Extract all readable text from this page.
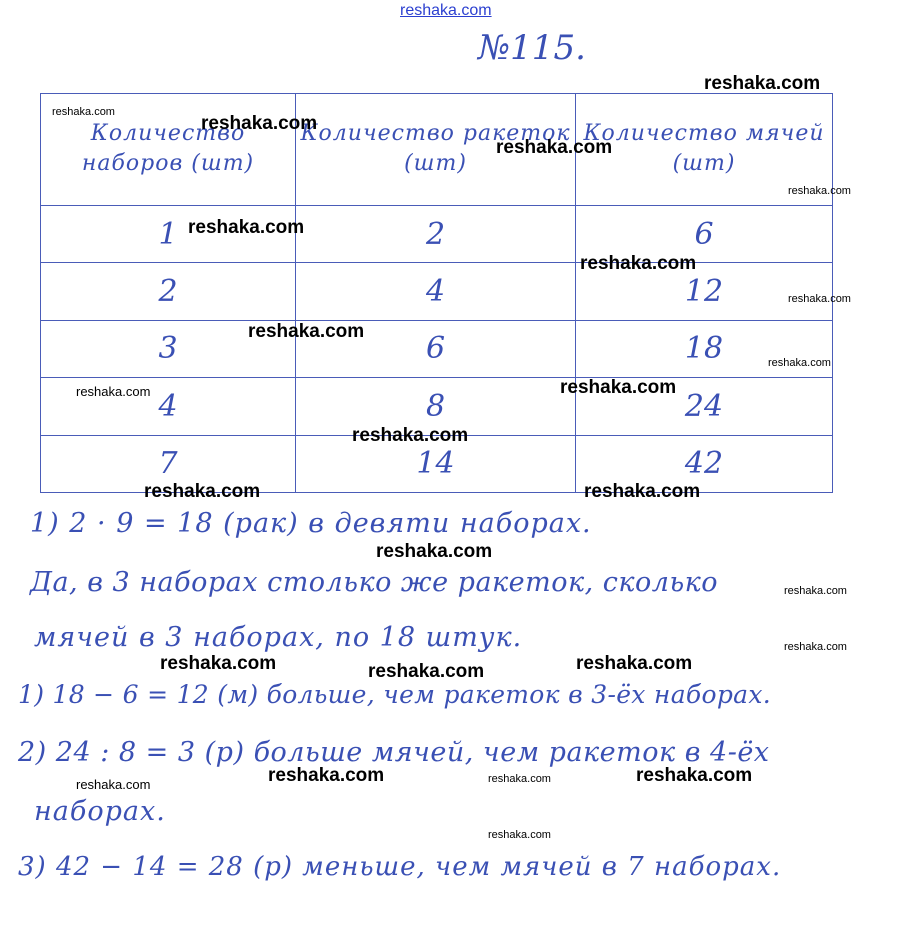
reshaka.com
№115.
Количество наборов (шт)	Количество ракеток (шт)	Количество мячей (шт)
1	2	6
2	4	12
3	6	18
4	8	24
7	14	42
1) 2 · 9 = 18 (рак) в девяти наборах.
Да, в 3 наборах столько же ракеток, сколько
мячей в 3 наборах, по 18 штук.
1) 18 − 6 = 12 (м) больше, чем ракеток в 3-ёх наборах.
2) 24 : 8 = 3 (р) больше мячей, чем ракеток в 4-ёх
наборах.
3) 42 − 14 = 28 (р) меньше, чем мячей в 7 наборах.
reshaka.com
reshaka.com
reshaka.com
reshaka.com
reshaka.com
reshaka.com
reshaka.com
reshaka.com
reshaka.com
reshaka.com
reshaka.com
reshaka.com
reshaka.com
reshaka.com	reshaka.com
reshaka.com
reshaka.com
reshaka.com
reshaka.com	reshaka.com
reshaka.com
reshaka.com	reshaka.com
reshaka.com
reshaka.com
reshaka.com
